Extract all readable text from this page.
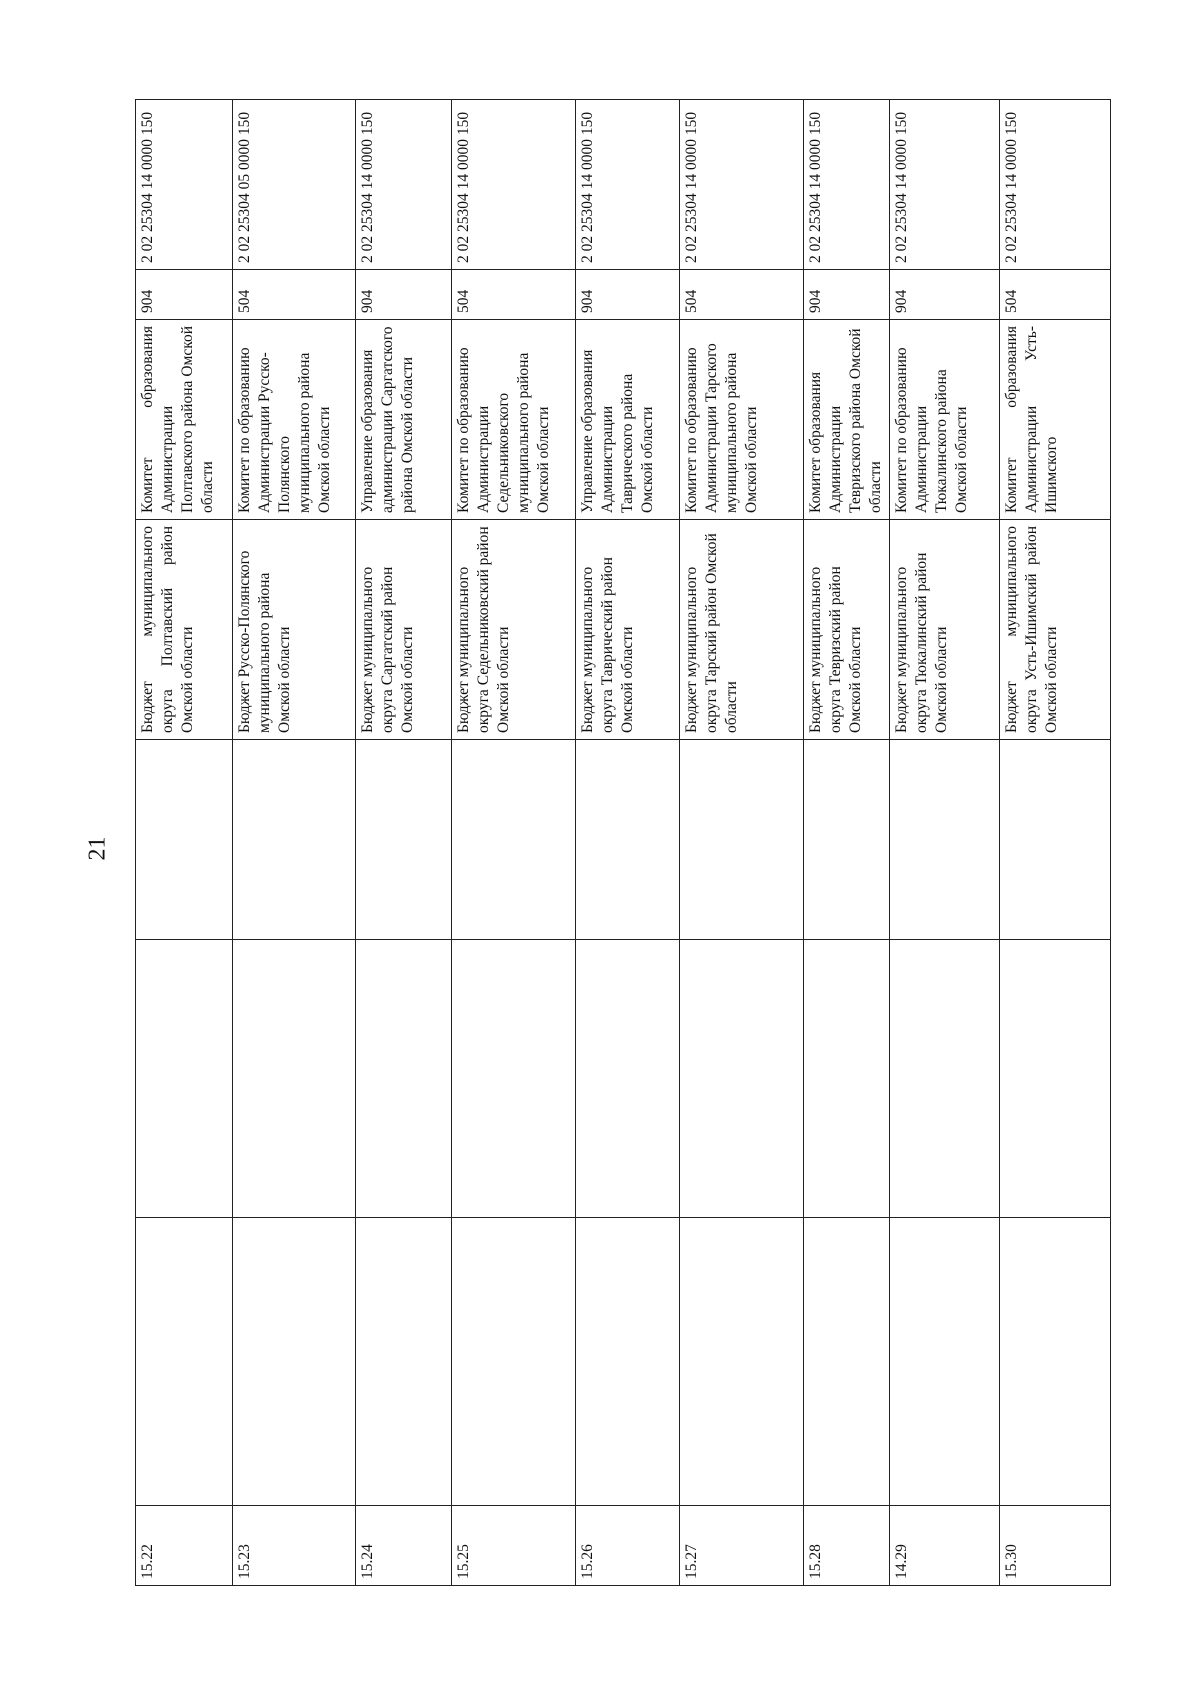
21
15.22				Бюджет муниципального округа Полтавский район Омской области	Комитет образования Администрации Полтавского района Омской области	904	2 02 25304 14 0000 150
15.23				Бюджет Русско-Полянского муниципального района Омской области	Комитет по образованию Администрации Русско-Полянского муниципального района Омской области	504	2 02 25304 05 0000 150
15.24				Бюджет муниципального округа Саргатский район Омской области	Управление образования администрации Саргатского района Омской области	904	2 02 25304 14 0000 150
15.25				Бюджет муниципального округа Седельниковский район Омской области	Комитет по образованию Администрации Седельниковского муниципального района Омской области	504	2 02 25304 14 0000 150
15.26				Бюджет муниципального округа Таврический район Омской области	Управление образования Администрации Таврического района Омской области	904	2 02 25304 14 0000 150
15.27				Бюджет муниципального округа Тарский район Омской области	Комитет по образованию Администрации Тарского муниципального района Омской области	504	2 02 25304 14 0000 150
15.28				Бюджет муниципального округа Тевризский район Омской области	Комитет образования Администрации Тевризского района Омской области	904	2 02 25304 14 0000 150
14.29				Бюджет муниципального округа Тюкалинский район Омской области	Комитет по образованию Администрации Тюкалинского района Омской области	904	2 02 25304 14 0000 150
15.30				Бюджет муниципального округа Усть-Ишимский район Омской области	Комитет образования Администрации Усть-Ишимского	504	2 02 25304 14 0000 150
